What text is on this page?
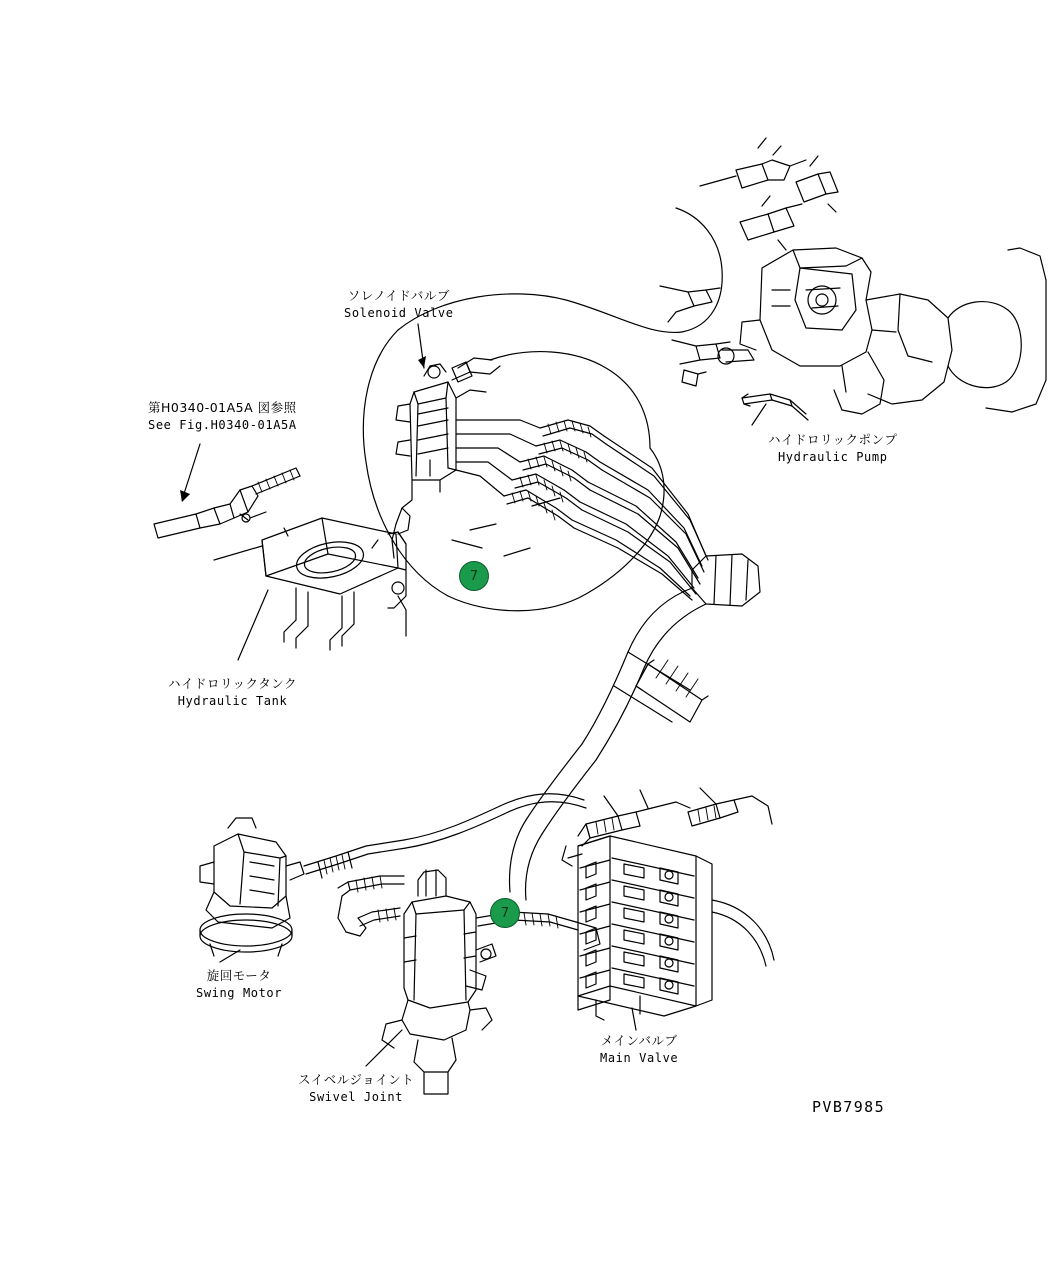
ソレノイドバルブ
Solenoid Valve
第H0340-01A5A 図参照
See Fig.H0340-01A5A
ハイドロリックポンプ
Hydraulic Pump
ハイドロリックタンク
Hydraulic Tank
旋回モータ
Swing Motor
メインバルブ
Main Valve
スイベルジョイント
Swivel Joint
7
7
PVB7985
